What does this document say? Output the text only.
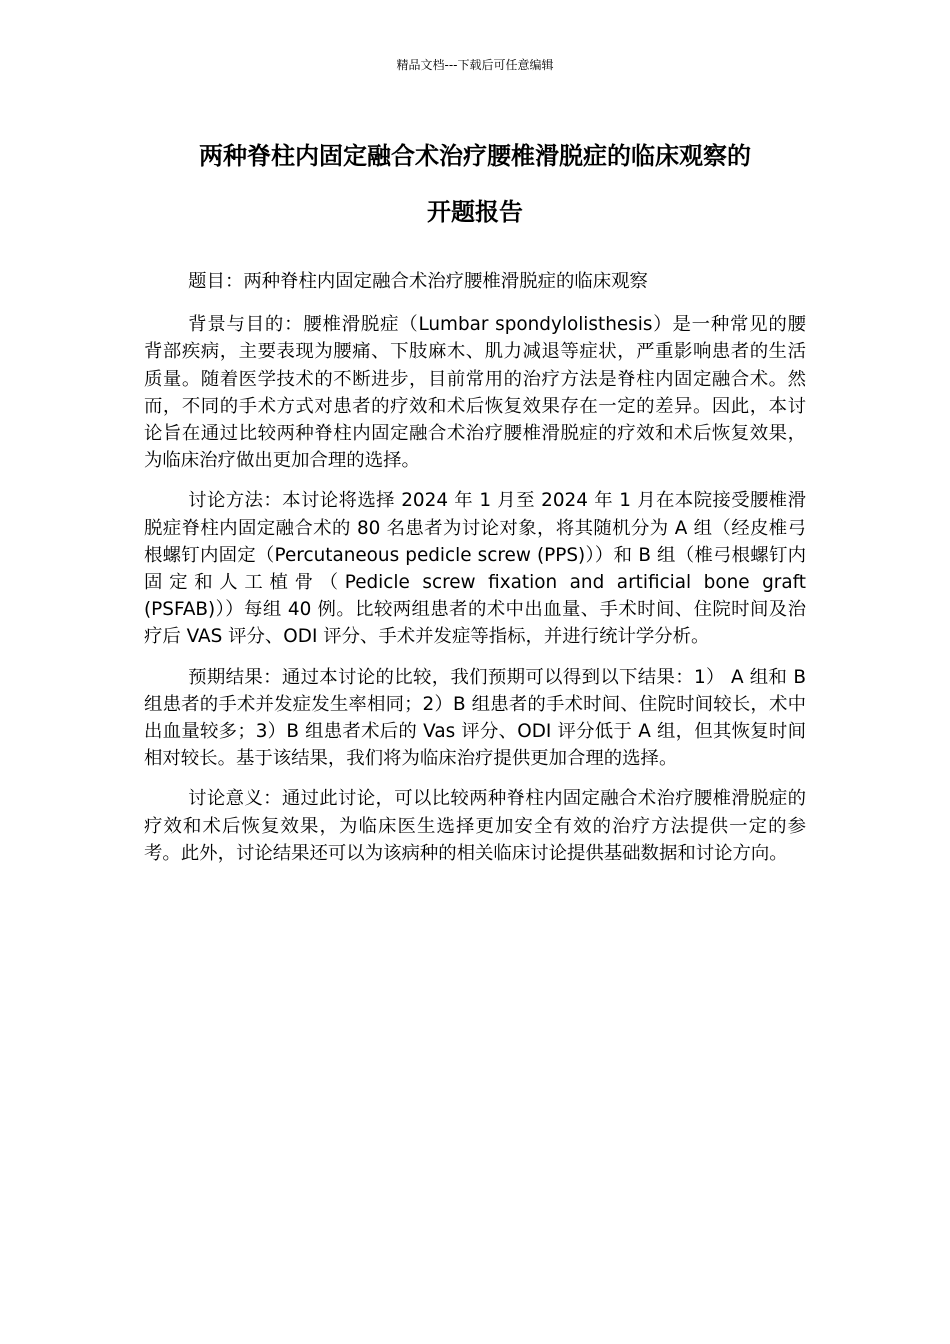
精品文档---下载后可任意编辑
两种脊柱内固定融合术治疗腰椎滑脱症的临床观察的
开题报告

题目：两种脊柱内固定融合术治疗腰椎滑脱症的临床观察

背景与目的：腰椎滑脱症（Lumbar spondylolisthesis）是一种常见的腰背部疾病，主要表现为腰痛、下肢麻木、肌力减退等症状，严重影响患者的生活质量。随着医学技术的不断进步，目前常用的治疗方法是脊柱内固定融合术。然而，不同的手术方式对患者的疗效和术后恢复效果存在一定的差异。因此，本讨论旨在通过比较两种脊柱内固定融合术治疗腰椎滑脱症的疗效和术后恢复效果，为临床治疗做出更加合理的选择。

讨论方法：本讨论将选择 2024 年 1 月至 2024 年 1 月在本院接受腰椎滑脱症脊柱内固定融合术的 80 名患者为讨论对象，将其随机分为 A 组（经皮椎弓根螺钉内固定（Percutaneous pedicle screw (PPS)））和 B 组（椎弓根螺钉内固定和人工植骨（Pedicle screw fixation and artificial bone graft (PSFAB)））每组 40 例。比较两组患者的术中出血量、手术时间、住院时间及治疗后 VAS 评分、ODI 评分、手术并发症等指标，并进行统计学分析。

预期结果：通过本讨论的比较，我们预期可以得到以下结果：1） A 组和 B 组患者的手术并发症发生率相同；2）B 组患者的手术时间、住院时间较长，术中出血量较多；3）B 组患者术后的 Vas 评分、ODI 评分低于 A 组，但其恢复时间相对较长。基于该结果，我们将为临床治疗提供更加合理的选择。

讨论意义：通过此讨论，可以比较两种脊柱内固定融合术治疗腰椎滑脱症的疗效和术后恢复效果，为临床医生选择更加安全有效的治疗方法提供一定的参考。此外，讨论结果还可以为该病种的相关临床讨论提供基础数据和讨论方向。
